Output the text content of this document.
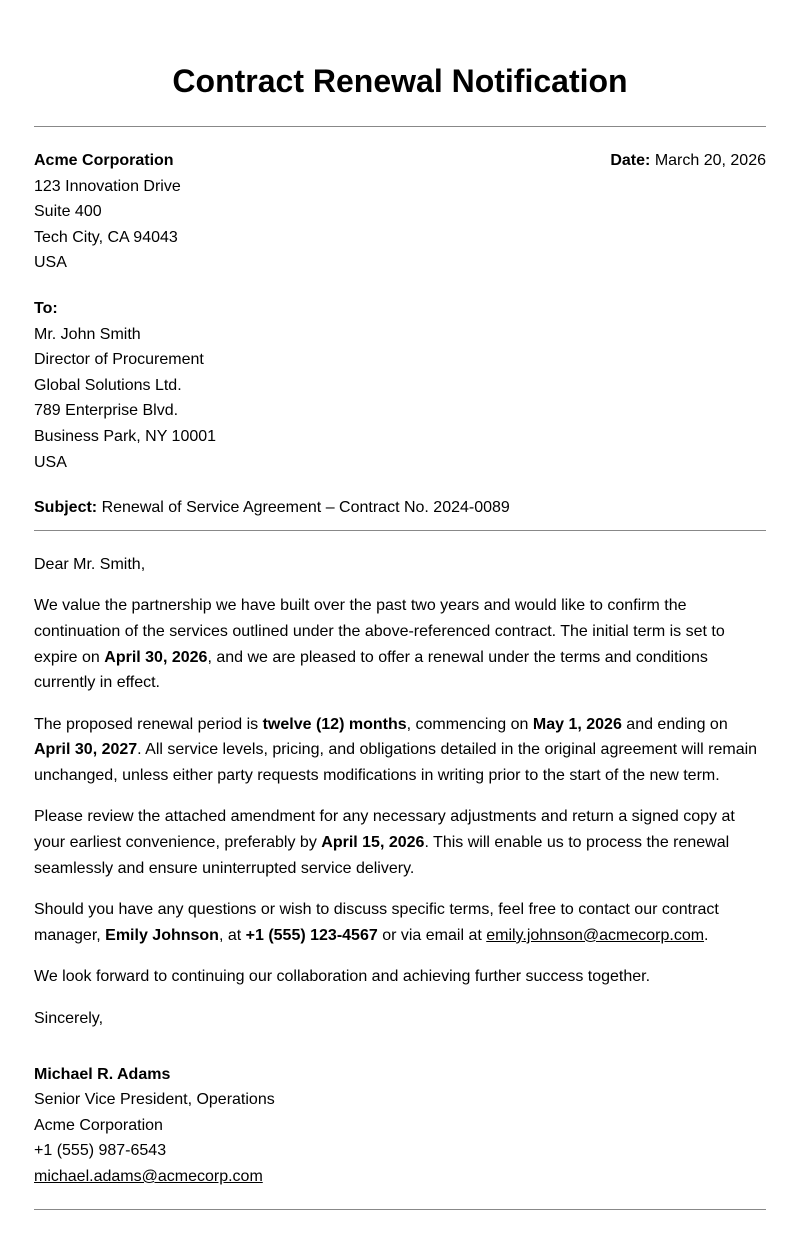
Contract Renewal Notification
Acme Corporation
123 Innovation Drive
Suite 400
Tech City, CA 94043
USA
Date: March 20, 2026
To:
Mr. John Smith
Director of Procurement
Global Solutions Ltd.
789 Enterprise Blvd.
Business Park, NY 10001
USA
Subject: Renewal of Service Agreement – Contract No. 2024-0089
Dear Mr. Smith,

We value the partnership we have built over the past two years and would like to confirm the continuation of the services outlined under the above-referenced contract. The initial term is set to expire on April 30, 2026, and we are pleased to offer a renewal under the terms and conditions currently in effect.

The proposed renewal period is twelve (12) months, commencing on May 1, 2026 and ending on April 30, 2027. All service levels, pricing, and obligations detailed in the original agreement will remain unchanged, unless either party requests modifications in writing prior to the start of the new term.

Please review the attached amendment for any necessary adjustments and return a signed copy at your earliest convenience, preferably by April 15, 2026. This will enable us to process the renewal seamlessly and ensure uninterrupted service delivery.

Should you have any questions or wish to discuss specific terms, feel free to contact our contract manager, Emily Johnson, at +1 (555) 123-4567 or via email at emily.johnson@acmecorp.com.

We look forward to continuing our collaboration and achieving further success together.

Sincerely,
Michael R. Adams
Senior Vice President, Operations
Acme Corporation
+1 (555) 987-6543
michael.adams@acmecorp.com
